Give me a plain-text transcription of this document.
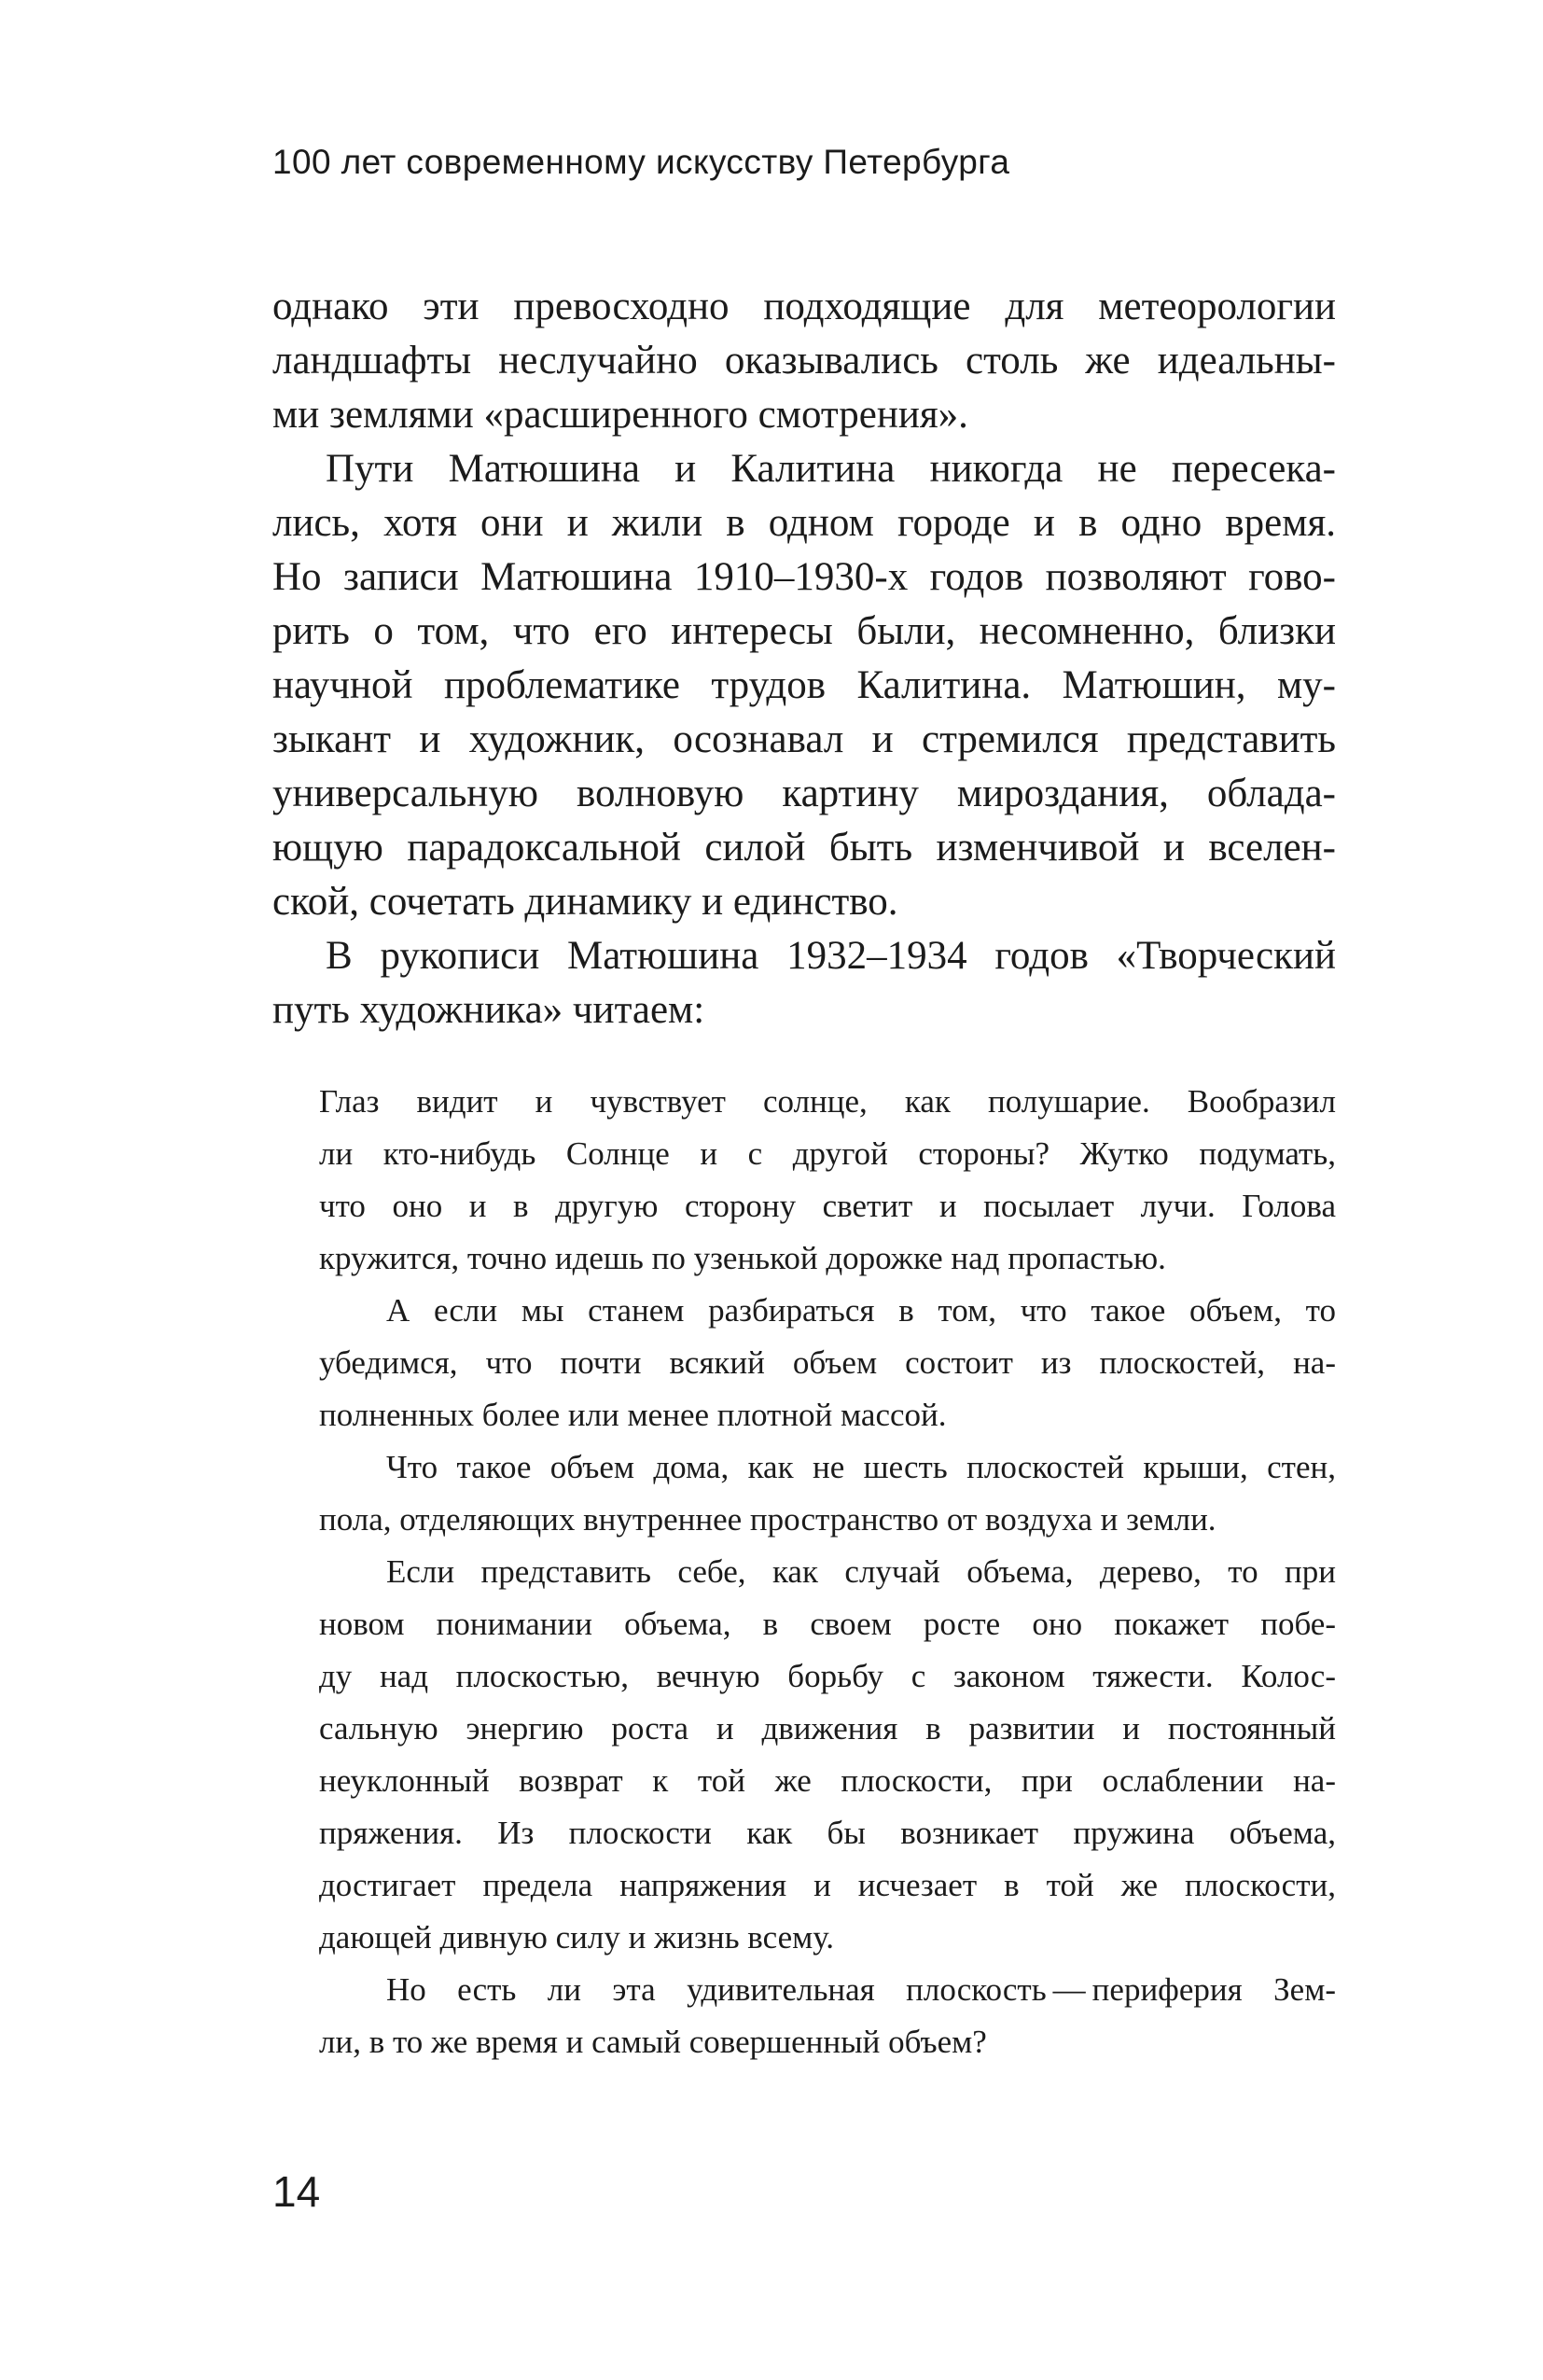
100 лет современному искусству Петербурга

однако эти превосходно подходящие для метеорологии
ландшафты неслучайно оказывались столь же идеальны-
ми землями «расширенного смотрения».

Пути Матюшина и Калитина никогда не пересека-
лись, хотя они и жили в одном городе и в одно время.
Но записи Матюшина 1910–1930-х годов позволяют гово-
рить о том, что его интересы были, несомненно, близки
научной проблематике трудов Калитина. Матюшин, му-
зыкант и художник, осознавал и стремился представить
универсальную волновую картину мироздания, облада-
ющую парадоксальной силой быть изменчивой и вселен-
ской, сочетать динамику и единство.

В рукописи Матюшина 1932–1934 годов «Творческий
путь художника» читаем:

Глаз видит и чувствует солнце, как полушарие. Вообразил
ли кто-нибудь Солнце и с другой стороны? Жутко подумать,
что оно и в другую сторону светит и посылает лучи. Голова
кружится, точно идешь по узенькой дорожке над пропастью.

А если мы станем разбираться в том, что такое объем, то
убедимся, что почти всякий объем состоит из плоскостей, на-
полненных более или менее плотной массой.

Что такое объем дома, как не шесть плоскостей крыши, стен,
пола, отделяющих внутреннее пространство от воздуха и земли.

Если представить себе, как случай объема, дерево, то при
новом понимании объема, в своем росте оно покажет побе-
ду над плоскостью, вечную борьбу с законом тяжести. Колос-
сальную энергию роста и движения в развитии и постоянный
неуклонный возврат к той же плоскости, при ослаблении на-
пряжения. Из плоскости как бы возникает пружина объема,
достигает предела напряжения и исчезает в той же плоскости,
дающей дивную силу и жизнь всему.

Но есть ли эта удивительная плоскость — периферия Зем-
ли, в то же время и самый совершенный объем?

14
